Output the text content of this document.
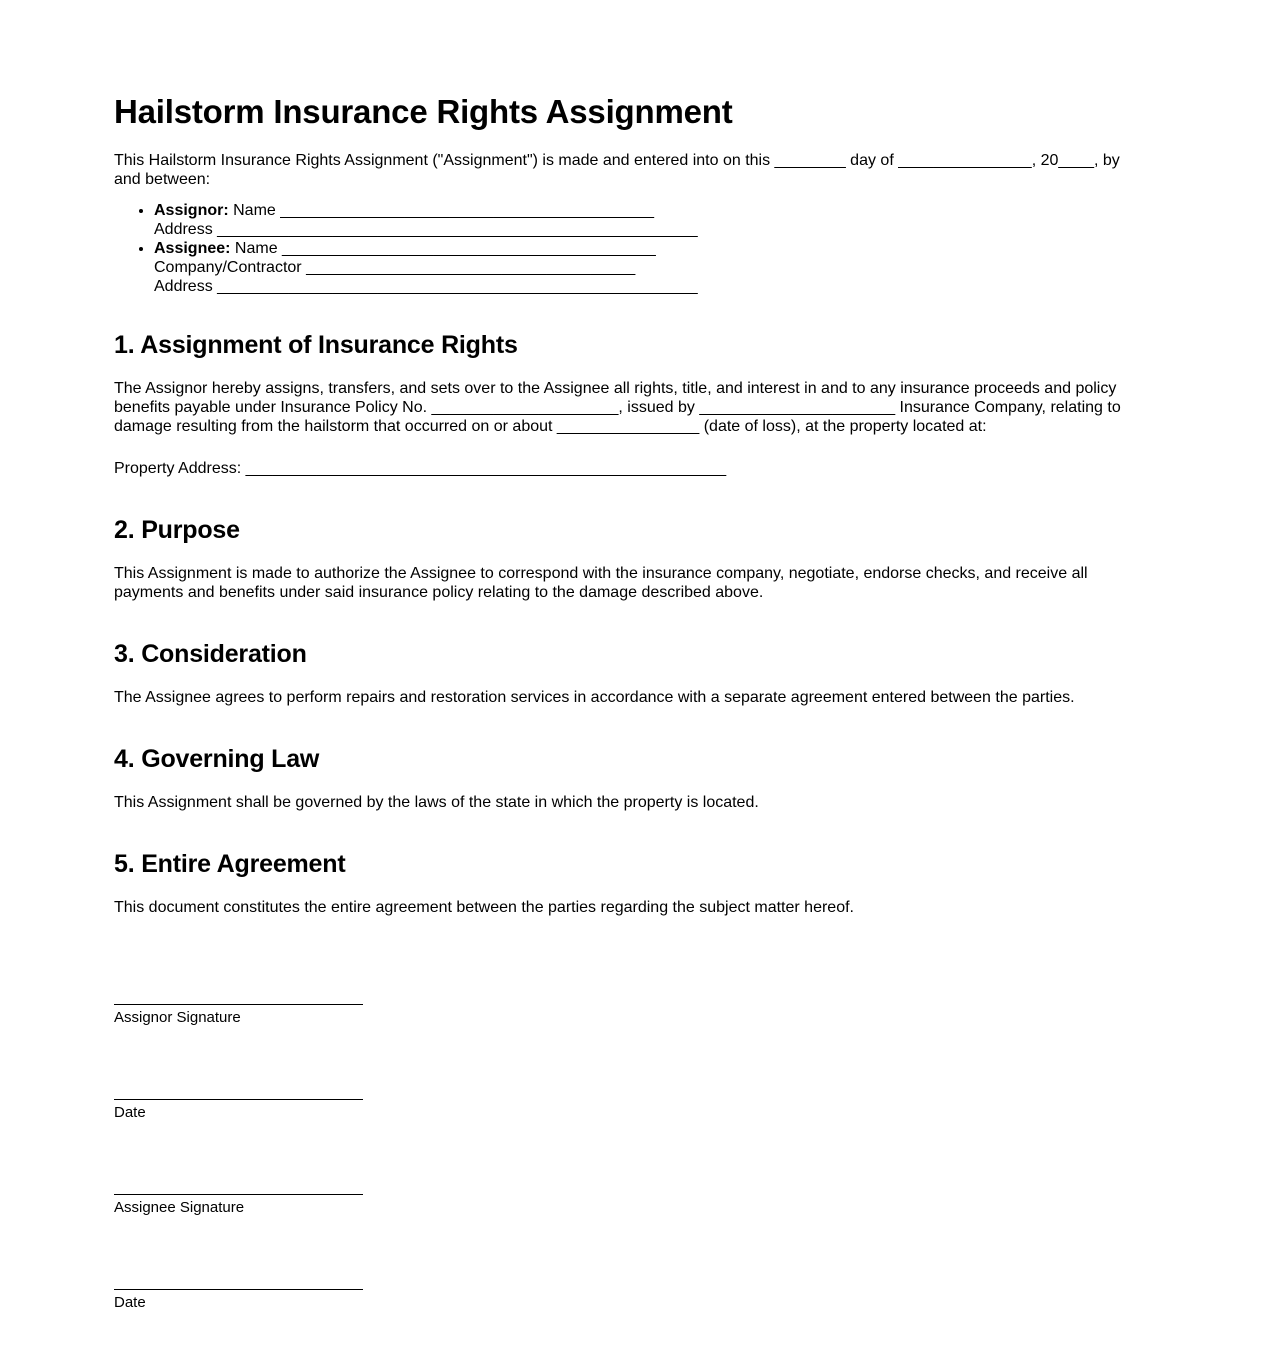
Hailstorm Insurance Rights Assignment

This Hailstorm Insurance Rights Assignment ("Assignment") is made and entered into on this ________ day of _______________, 20____, by and between:

• Assignor: Name __________________________________________
Address ______________________________________________________
• Assignee: Name __________________________________________
Company/Contractor _____________________________________
Address ______________________________________________________
1. Assignment of Insurance Rights

The Assignor hereby assigns, transfers, and sets over to the Assignee all rights, title, and interest in and to any insurance proceeds and policy benefits payable under Insurance Policy No. _____________________, issued by ______________________ Insurance Company, relating to damage resulting from the hailstorm that occurred on or about ________________ (date of loss), at the property located at:

Property Address: ______________________________________________________

2. Purpose

This Assignment is made to authorize the Assignee to correspond with the insurance company, negotiate, endorse checks, and receive all payments and benefits under said insurance policy relating to the damage described above.

3. Consideration

The Assignee agrees to perform repairs and restoration services in accordance with a separate agreement entered between the parties.

4. Governing Law

This Assignment shall be governed by the laws of the state in which the property is located.

5. Entire Agreement

This document constitutes the entire agreement between the parties regarding the subject matter hereof.

Assignor Signature

Date

Assignee Signature

Date
